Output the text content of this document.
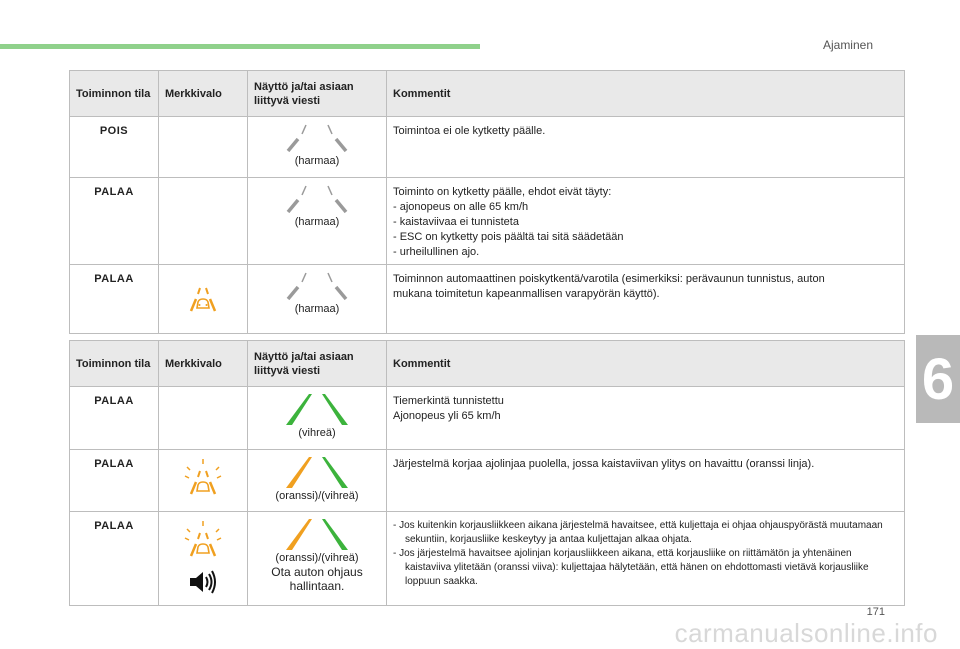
Ajaminen
6
171
carmanualsonline.info
Toiminnon tila	Merkkivalo	Näyttö ja/tai asiaan liittyvä viesti	Kommentit
POIS		(harmaa)	Toimintoa ei ole kytketty päälle.

PALAA		(harmaa)	Toiminto on kytketty päälle, ehdot eivät täyty:
- ajonopeus on alle 65 km/h
- kaistaviivaa ei tunnisteta
- ESC on kytketty pois päältä tai sitä säädetään
- urheilullinen ajo.

PALAA		(harmaa)	Toiminnon automaattinen poiskytkentä/varotila (esimerkiksi: perävaunun tunnistus, auton
mukana toimitetun kapeanmallisen varapyörän käyttö).
Toiminnon tila	Merkkivalo	Näyttö ja/tai asiaan liittyvä viesti	Kommentit
PALAA		(vihreä)	Tiemerkintä tunnistettu
Ajonopeus yli 65 km/h

PALAA		(oranssi)/(vihreä)	Järjestelmä korjaa ajolinjaa puolella, jossa kaistaviivan ylitys on havaittu (oranssi linja).

PALAA		(oranssi)/(vihreä)
Ota auton ohjaus hallintaan.	- Jos kuitenkin korjausliikkeen aikana järjestelmä havaitsee, että kuljettaja ei ohjaa ohjauspyörästä muutamaan sekuntiin, korjausliike keskeytyy ja antaa kuljettajan alkaa ohjata.
- Jos järjestelmä havaitsee ajolinjan korjausliikkeen aikana, että korjausliike on riittämätön ja yhtenäinen kaistaviiva ylitetään (oranssi viiva): kuljettajaa hälytetään, että hänen on ehdottomasti vietävä korjausliike loppuun saakka.
